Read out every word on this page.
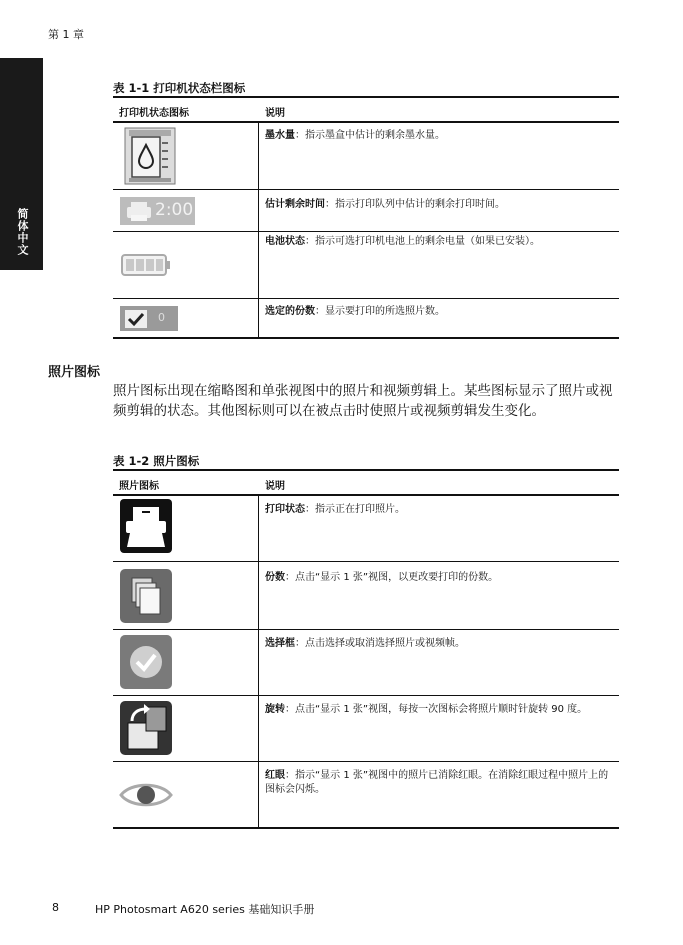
第 1 章
简体中文
表 1-1 打印机状态栏图标
打印机状态图标	说明
墨水量：指示墨盒中估计的剩余墨水量。
2:00	估计剩余时间：指示打印队列中估计的剩余打印时间。
电池状态：指示可选打印机电池上的剩余电量（如果已安装）。
0	选定的份数：显示要打印的所选照片数。
照片图标
照片图标出现在缩略图和单张视图中的照片和视频剪辑上。某些图标显示了照片或视频剪辑的状态。其他图标则可以在被点击时使照片或视频剪辑发生变化。
表 1-2 照片图标
照片图标	说明
打印状态：指示正在打印照片。
份数：点击“显示 1 张”视图，以更改要打印的份数。
选择框：点击选择或取消选择照片或视频帧。
旋转：点击“显示 1 张”视图，每按一次图标会将照片顺时针旋转 90 度。
红眼：指示“显示 1 张”视图中的照片已消除红眼。在消除红眼过程中照片上的图标会闪烁。
8	HP Photosmart A620 series 基础知识手册
